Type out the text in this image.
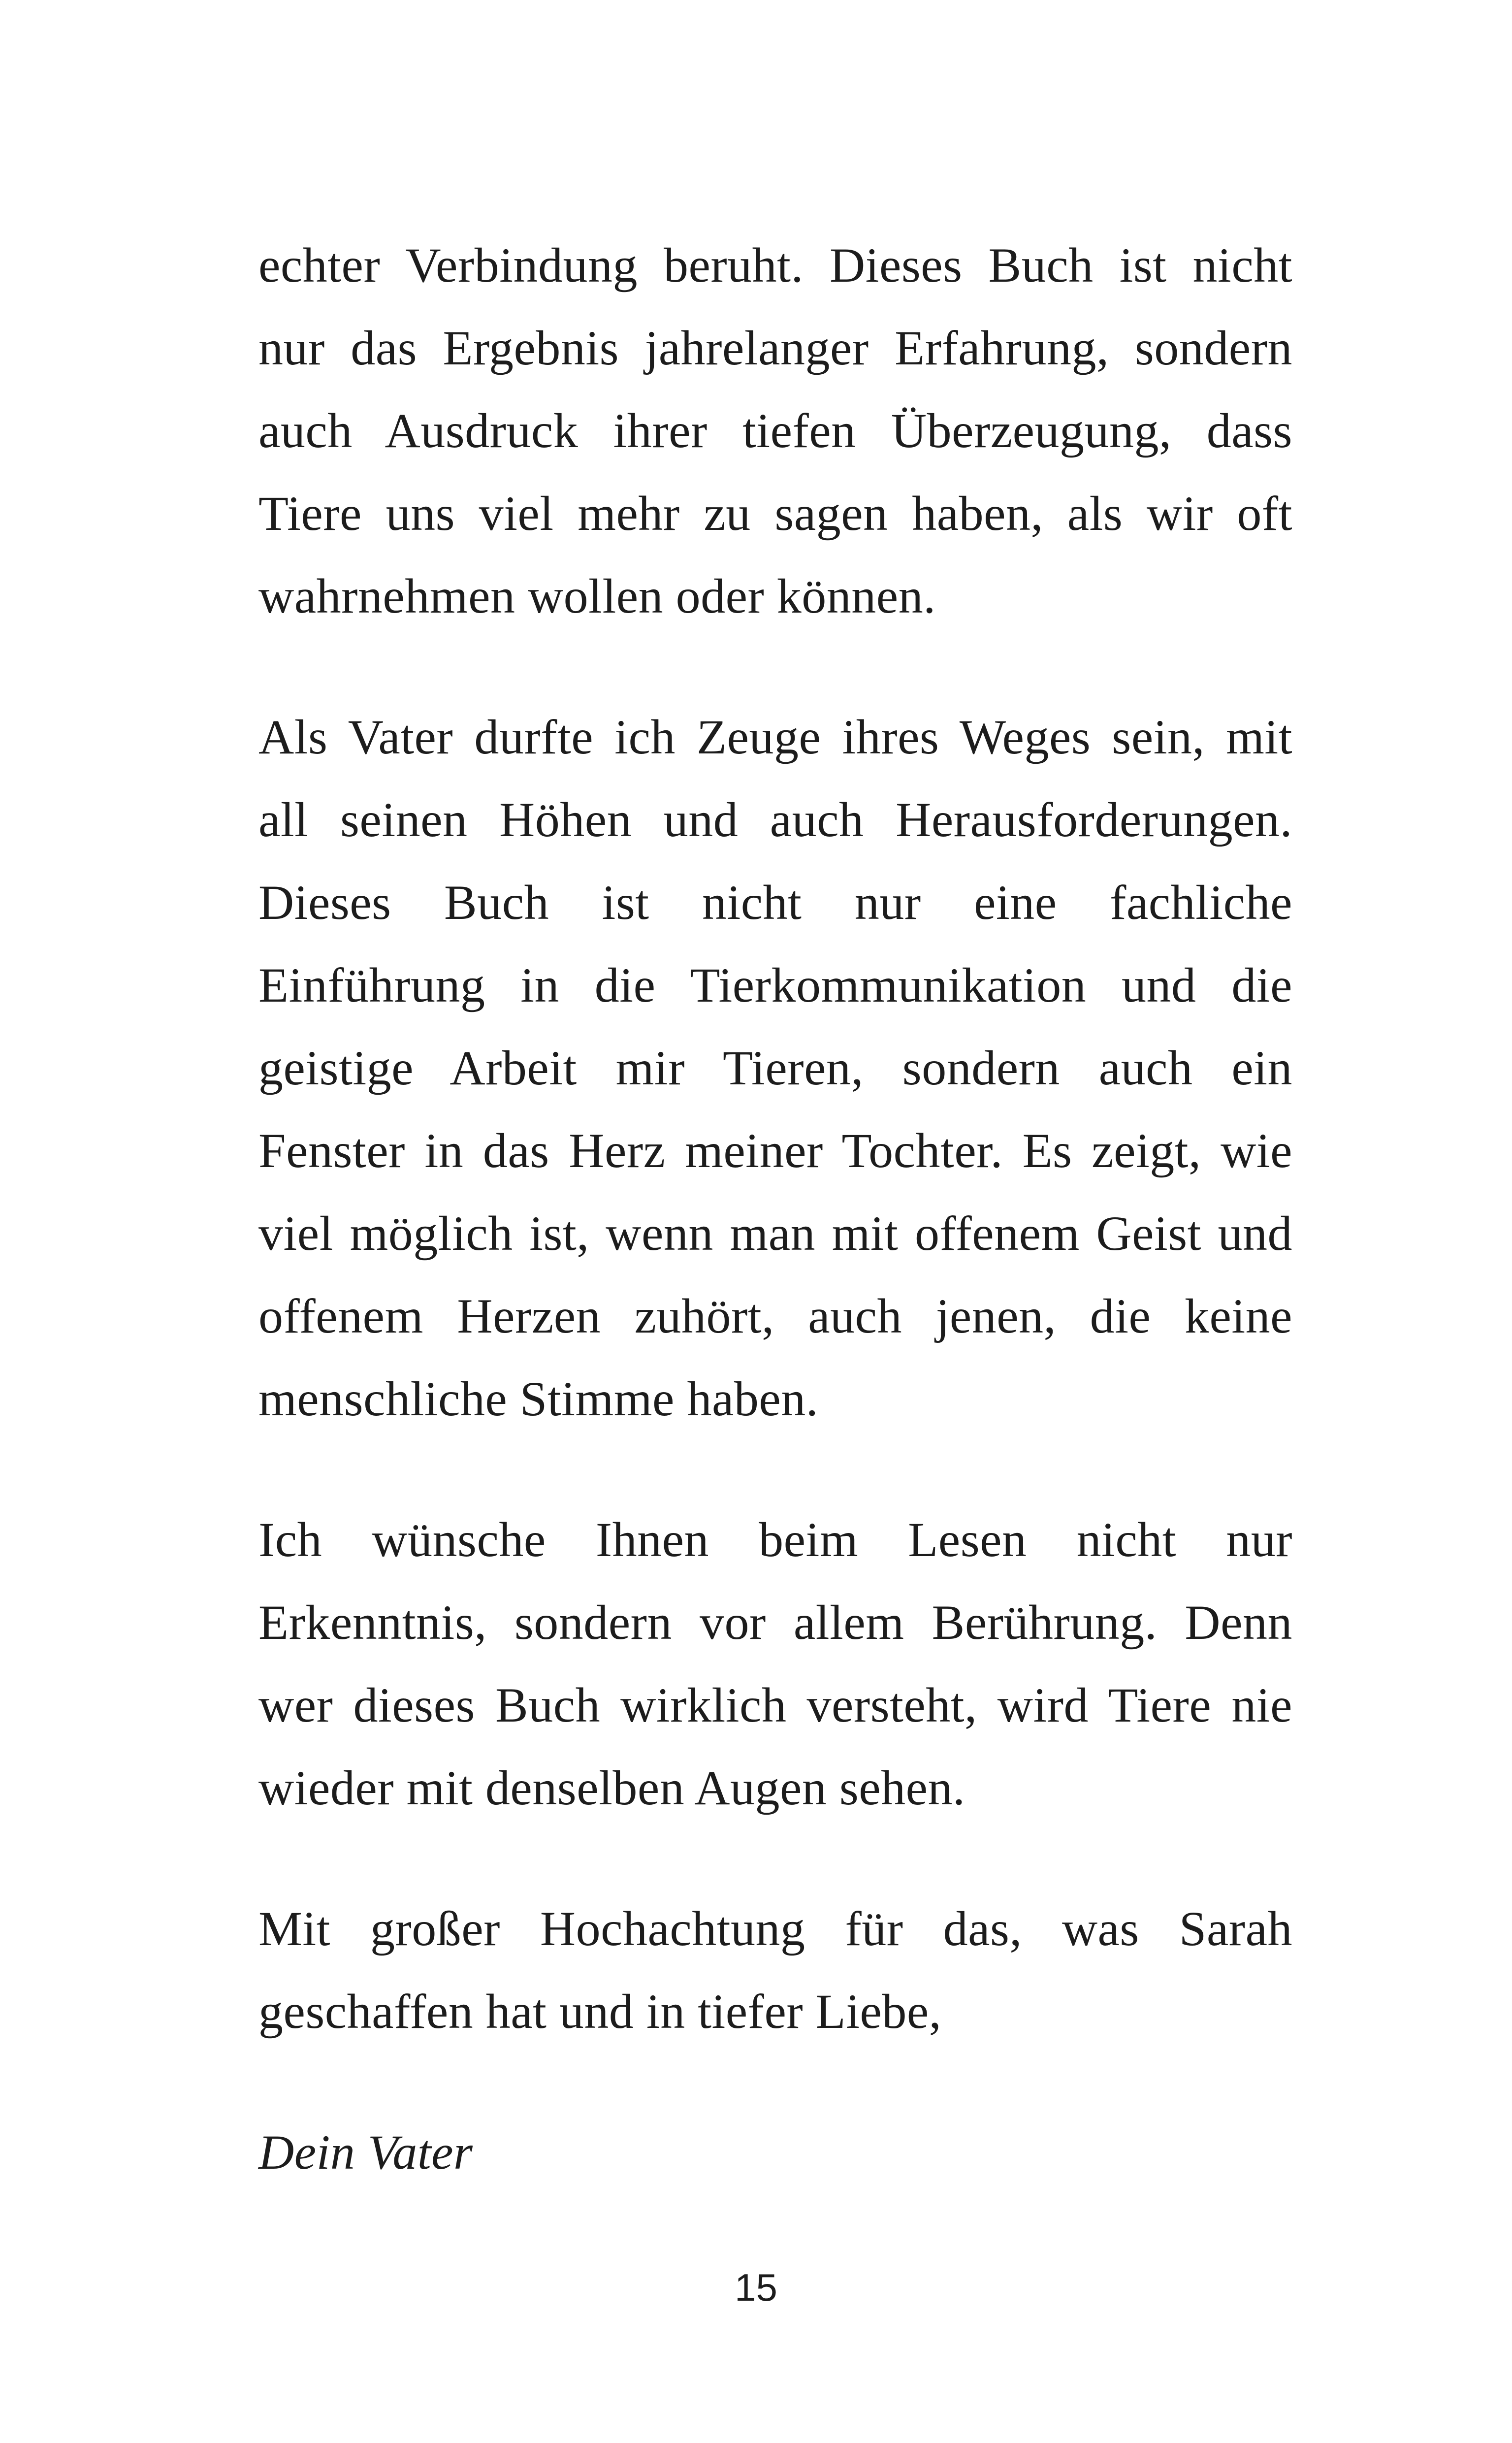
echter Verbindung beruht. Dieses Buch ist nicht
nur das Ergebnis jahrelanger Erfahrung, sondern
auch Ausdruck ihrer tiefen Überzeugung, dass
Tiere uns viel mehr zu sagen haben, als wir oft
wahrnehmen wollen oder können.

Als Vater durfte ich Zeuge ihres Weges sein, mit
all seinen Höhen und auch Herausforderungen.
Dieses Buch ist nicht nur eine fachliche
Einführung in die Tierkommunikation und die
geistige Arbeit mir Tieren, sondern auch ein
Fenster in das Herz meiner Tochter. Es zeigt, wie
viel möglich ist, wenn man mit offenem Geist und
offenem Herzen zuhört, auch jenen, die keine
menschliche Stimme haben.

Ich wünsche Ihnen beim Lesen nicht nur
Erkenntnis, sondern vor allem Berührung. Denn
wer dieses Buch wirklich versteht, wird Tiere nie
wieder mit denselben Augen sehen.

Mit großer Hochachtung für das, was Sarah
geschaffen hat und in tiefer Liebe,

Dein Vater

15
